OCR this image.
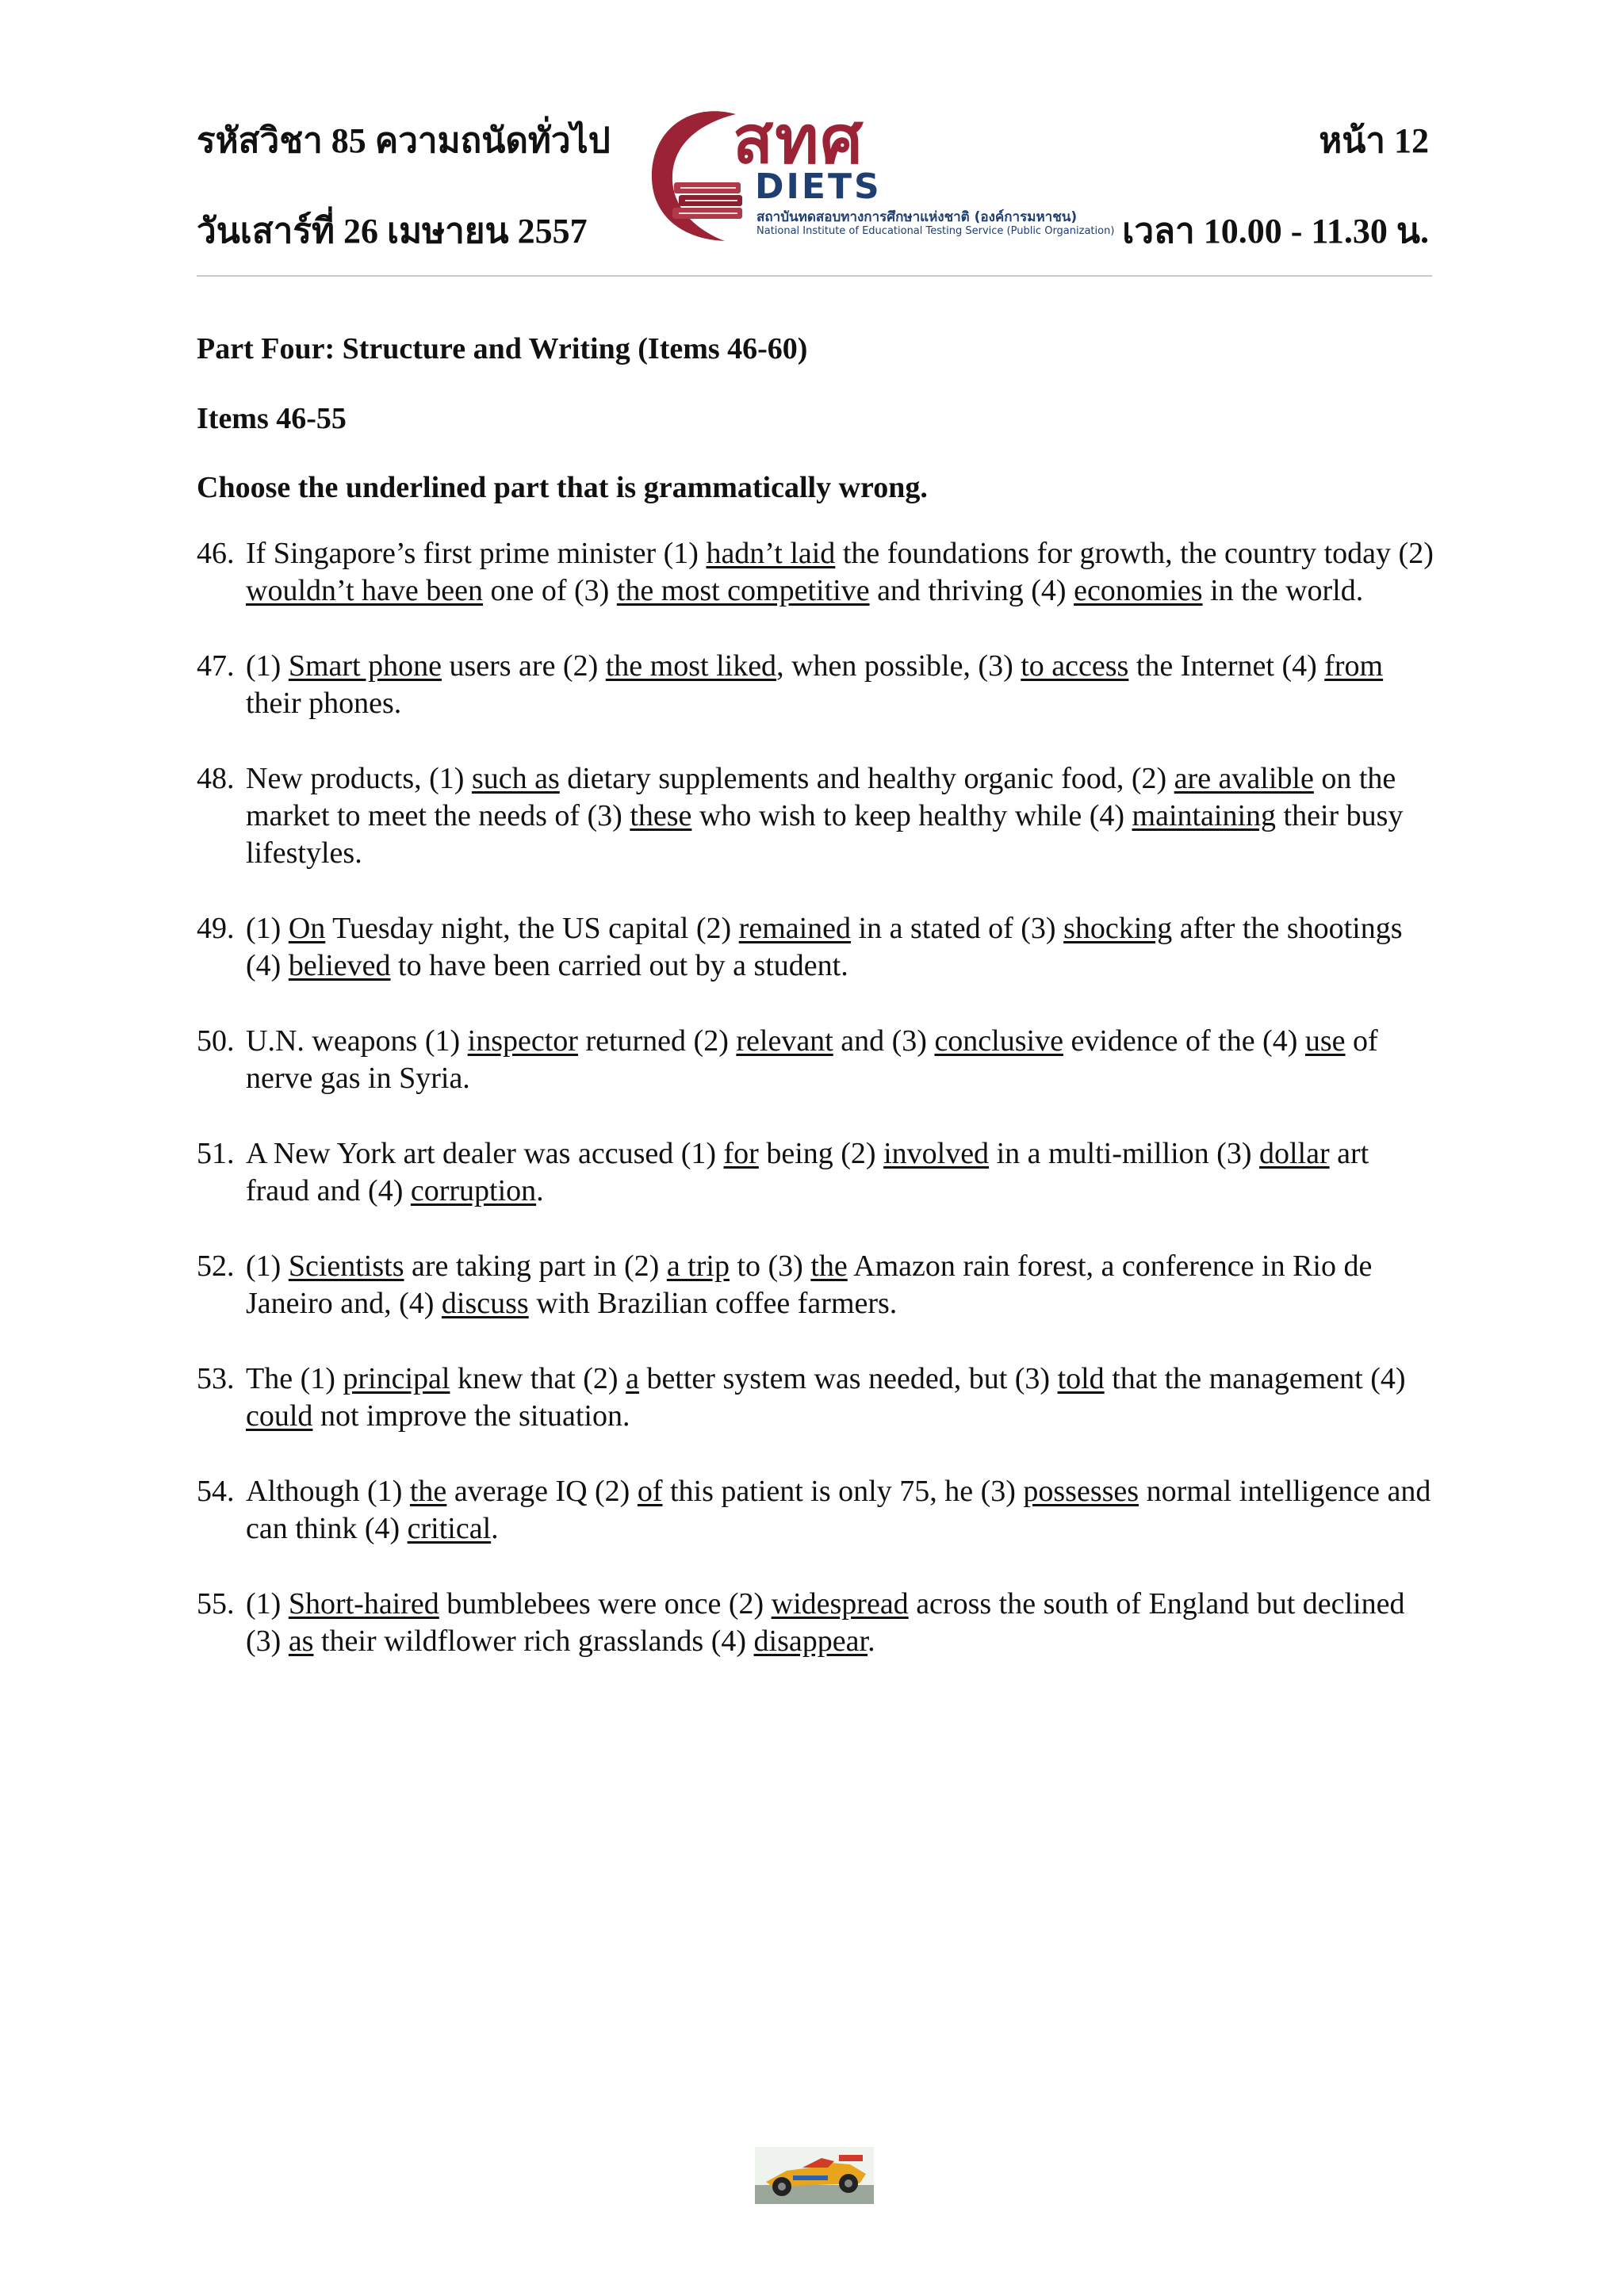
รหัสวิชา 85 ความถนัดทั่วไป	หน้า 12
วันเสาร์ที่ 26 เมษายน 2557	เวลา 10.00 - 11.30 น.
สทศ
DIETS
สถาบันทดสอบทางการศึกษาแห่งชาติ (องค์การมหาชน)
National Institute of Educational Testing Service (Public Organization)

Part Four: Structure and Writing (Items 46-60)

Items 46-55

Choose the underlined part that is grammatically wrong.

46. If Singapore’s first prime minister (1) hadn’t laid the foundations for growth, the country today (2) wouldn’t have been one of (3) the most competitive and thriving (4) economies in the world.

47. (1) Smart phone users are (2) the most liked, when possible, (3) to access the Internet (4) from their phones.

48. New products, (1) such as dietary supplements and healthy organic food, (2) are avalible on the market to meet the needs of (3) these who wish to keep healthy while (4) maintaining their busy lifestyles.

49. (1) On Tuesday night, the US capital (2) remained in a stated of (3) shocking after the shootings (4) believed to have been carried out by a student.

50. U.N. weapons (1) inspector returned (2) relevant and (3) conclusive evidence of the (4) use of nerve gas in Syria.

51. A New York art dealer was accused (1) for being (2) involved in a multi-million (3) dollar art fraud and (4) corruption.

52. (1) Scientists are taking part in (2) a trip to (3) the Amazon rain forest, a conference in Rio de Janeiro and, (4) discuss with Brazilian coffee farmers.

53. The (1) principal knew that (2) a better system was needed, but (3) told that the management (4) could not improve the situation.

54. Although (1) the average IQ (2) of this patient is only 75, he (3) possesses normal intelligence and can think (4) critical.

55. (1) Short-haired bumblebees were once (2) widespread across the south of England but declined (3) as their wildflower rich grasslands (4) disappear.
